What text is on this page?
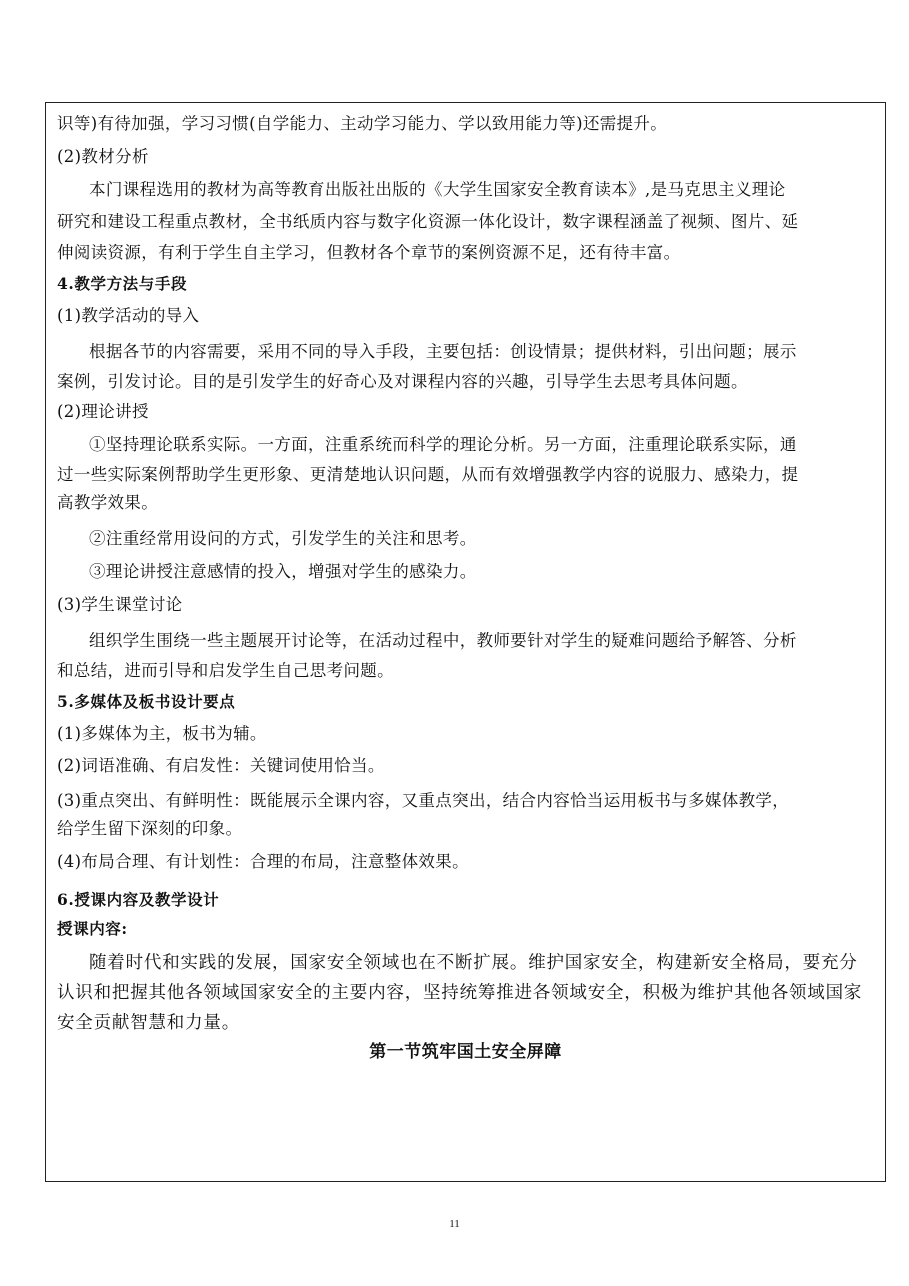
识等)有待加强，学习习惯(自学能力、主动学习能力、学以致用能力等)还需提升。
(2)教材分析
本门课程选用的教材为高等教育出版社出版的《大学生国家安全教育读本》,是马克思主义理论
研究和建设工程重点教材，全书纸质内容与数字化资源一体化设计，数字课程涵盖了视频、图片、延
伸阅读资源，有利于学生自主学习，但教材各个章节的案例资源不足，还有待丰富。
4.教学方法与手段
(1)教学活动的导入
根据各节的内容需要，采用不同的导入手段，主要包括：创设情景；提供材料，引出问题；展示
案例，引发讨论。目的是引发学生的好奇心及对课程内容的兴趣，引导学生去思考具体问题。
(2)理论讲授
①坚持理论联系实际。一方面，注重系统而科学的理论分析。另一方面，注重理论联系实际，通
过一些实际案例帮助学生更形象、更清楚地认识问题，从而有效增强教学内容的说服力、感染力，提
高教学效果。
②注重经常用设问的方式，引发学生的关注和思考。
③理论讲授注意感情的投入，增强对学生的感染力。
(3)学生课堂讨论
组织学生围绕一些主题展开讨论等，在活动过程中，教师要针对学生的疑难问题给予解答、分析
和总结，进而引导和启发学生自己思考问题。
5.多媒体及板书设计要点
(1)多媒体为主，板书为辅。
(2)词语准确、有启发性：关键词使用恰当。
(3)重点突出、有鲜明性：既能展示全课内容，又重点突出，结合内容恰当运用板书与多媒体教学，
给学生留下深刻的印象。
(4)布局合理、有计划性：合理的布局，注意整体效果。
6.授课内容及教学设计
授课内容:
随着时代和实践的发展，国家安全领域也在不断扩展。维护国家安全，构建新安全格局，要充分
认识和把握其他各领域国家安全的主要内容，坚持统筹推进各领域安全，积极为维护其他各领域国家
安全贡献智慧和力量。
第一节筑牢国土安全屏障
11
